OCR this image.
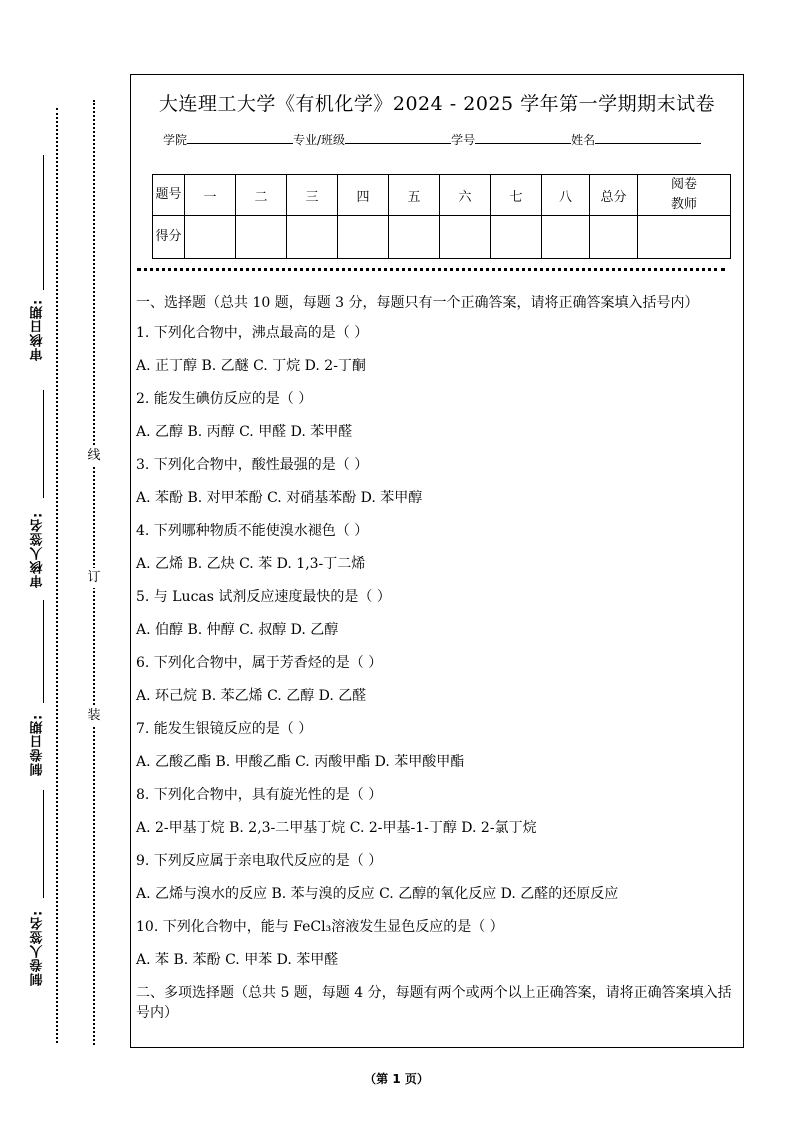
审核日期:
审核人签名:
制卷日期:
制卷人签名:
线
订
装
大连理工大学《有机化学》2024 - 2025 学年第一学期期末试卷
学院	专业/班级	学号	姓名
题号	一	二	三	四	五	六	七	八	总分	阅卷教师
得分										
一、选择题（总共 10 题，每题 3 分，每题只有一个正确答案，请将正确答案填入括号内）
1. 下列化合物中，沸点最高的是（ ）
A. 正丁醇 B. 乙醚 C. 丁烷 D. 2-丁酮
2. 能发生碘仿反应的是（ ）
A. 乙醇 B. 丙醇 C. 甲醛 D. 苯甲醛
3. 下列化合物中，酸性最强的是（ ）
A. 苯酚 B. 对甲苯酚 C. 对硝基苯酚 D. 苯甲醇
4. 下列哪种物质不能使溴水褪色（ ）
A. 乙烯 B. 乙炔 C. 苯 D. 1,3-丁二烯
5. 与 Lucas 试剂反应速度最快的是（ ）
A. 伯醇 B. 仲醇 C. 叔醇 D. 乙醇
6. 下列化合物中，属于芳香烃的是（ ）
A. 环己烷 B. 苯乙烯 C. 乙醇 D. 乙醛
7. 能发生银镜反应的是（ ）
A. 乙酸乙酯 B. 甲酸乙酯 C. 丙酸甲酯 D. 苯甲酸甲酯
8. 下列化合物中，具有旋光性的是（ ）
A. 2-甲基丁烷 B. 2,3-二甲基丁烷 C. 2-甲基-1-丁醇 D. 2-氯丁烷
9. 下列反应属于亲电取代反应的是（ ）
A. 乙烯与溴水的反应 B. 苯与溴的反应 C. 乙醇的氧化反应 D. 乙醛的还原反应
10. 下列化合物中，能与 FeCl₃溶液发生显色反应的是（ ）
A. 苯 B. 苯酚 C. 甲苯 D. 苯甲醛
二、多项选择题（总共 5 题，每题 4 分，每题有两个或两个以上正确答案，请将正确答案填入括号内）
（第 1 页）
